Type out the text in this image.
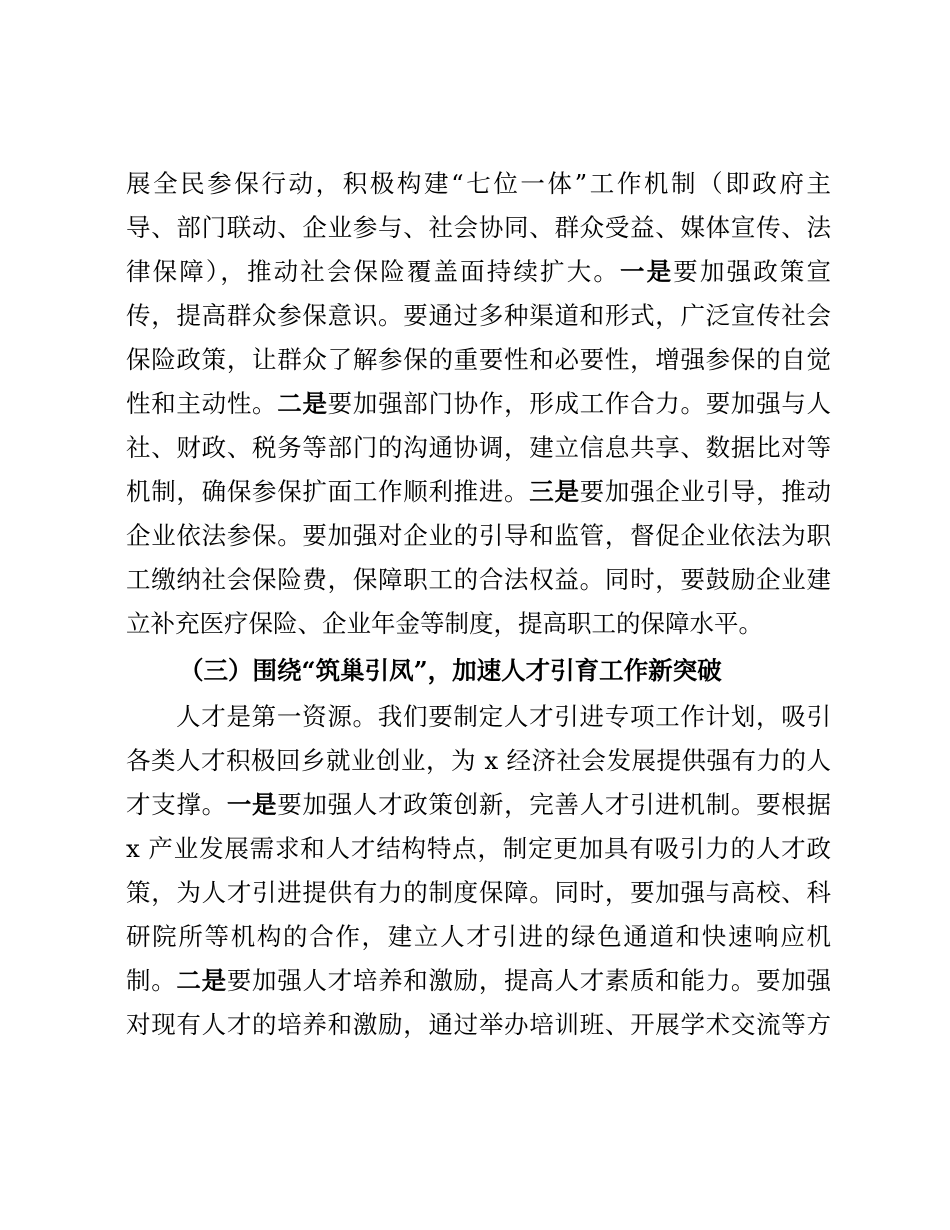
展全民参保行动，积极构建“七位一体”工作机制（即政府主
导、部门联动、企业参与、社会协同、群众受益、媒体宣传、法
律保障），推动社会保险覆盖面持续扩大。一是要加强政策宣
传，提高群众参保意识。要通过多种渠道和形式，广泛宣传社会
保险政策，让群众了解参保的重要性和必要性，增强参保的自觉
性和主动性。二是要加强部门协作，形成工作合力。要加强与人
社、财政、税务等部门的沟通协调，建立信息共享、数据比对等
机制，确保参保扩面工作顺利推进。三是要加强企业引导，推动
企业依法参保。要加强对企业的引导和监管，督促企业依法为职
工缴纳社会保险费，保障职工的合法权益。同时，要鼓励企业建
立补充医疗保险、企业年金等制度，提高职工的保障水平。
（三）围绕“筑巢引凤”，加速人才引育工作新突破
人才是第一资源。我们要制定人才引进专项工作计划，吸引
各类人才积极回乡就业创业，为 x 经济社会发展提供强有力的人
才支撑。一是要加强人才政策创新，完善人才引进机制。要根据
x 产业发展需求和人才结构特点，制定更加具有吸引力的人才政
策，为人才引进提供有力的制度保障。同时，要加强与高校、科
研院所等机构的合作，建立人才引进的绿色通道和快速响应机
制。二是要加强人才培养和激励，提高人才素质和能力。要加强
对现有人才的培养和激励，通过举办培训班、开展学术交流等方
